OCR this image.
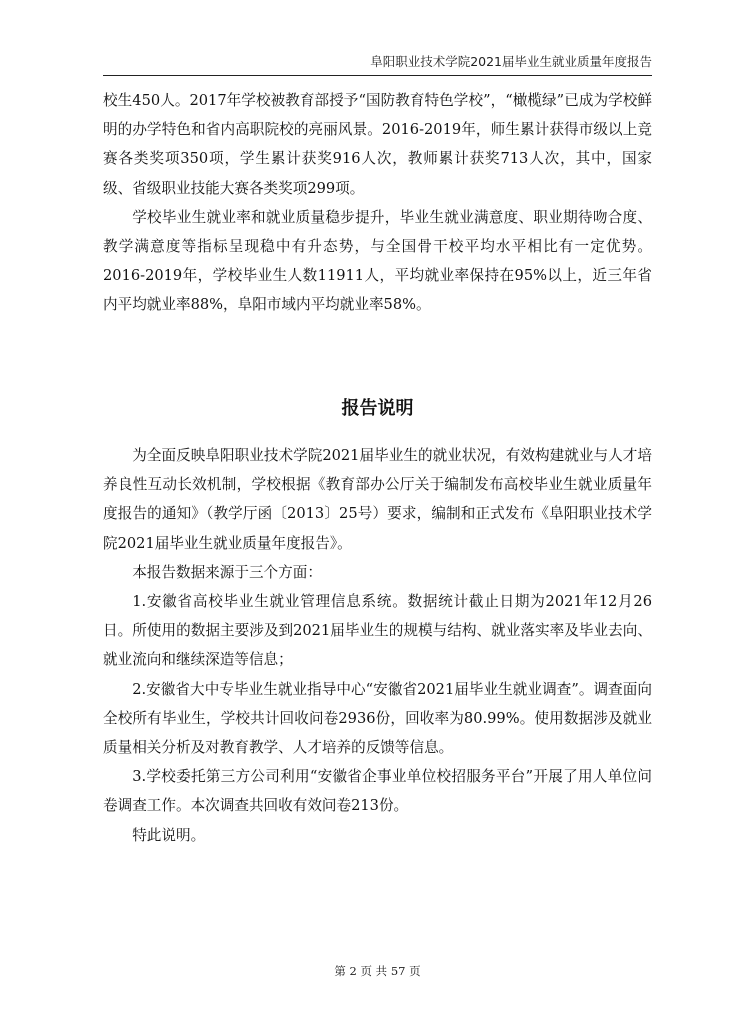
阜阳职业技术学院2021届毕业生就业质量年度报告

校生450人。2017年学校被教育部授予“国防教育特色学校”，“橄榄绿”已成为学校鲜明的办学特色和省内高职院校的亮丽风景。2016-2019年，师生累计获得市级以上竞赛各类奖项350项，学生累计获奖916人次，教师累计获奖713人次，其中，国家级、省级职业技能大赛各类奖项299项。

学校毕业生就业率和就业质量稳步提升，毕业生就业满意度、职业期待吻合度、教学满意度等指标呈现稳中有升态势，与全国骨干校平均水平相比有一定优势。2016-2019年，学校毕业生人数11911人，平均就业率保持在95%以上，近三年省内平均就业率88%，阜阳市域内平均就业率58%。

报告说明

为全面反映阜阳职业技术学院2021届毕业生的就业状况，有效构建就业与人才培养良性互动长效机制，学校根据《教育部办公厅关于编制发布高校毕业生就业质量年度报告的通知》（教学厅函〔2013〕25号）要求，编制和正式发布《阜阳职业技术学院2021届毕业生就业质量年度报告》。

本报告数据来源于三个方面：

1.安徽省高校毕业生就业管理信息系统。数据统计截止日期为2021年12月26日。所使用的数据主要涉及到2021届毕业生的规模与结构、就业落实率及毕业去向、就业流向和继续深造等信息；

2.安徽省大中专毕业生就业指导中心“安徽省2021届毕业生就业调查”。调查面向全校所有毕业生，学校共计回收问卷2936份，回收率为80.99%。使用数据涉及就业质量相关分析及对教育教学、人才培养的反馈等信息。

3.学校委托第三方公司利用“安徽省企事业单位校招服务平台”开展了用人单位问卷调查工作。本次调查共回收有效问卷213份。

特此说明。

第 2 页 共 57 页
